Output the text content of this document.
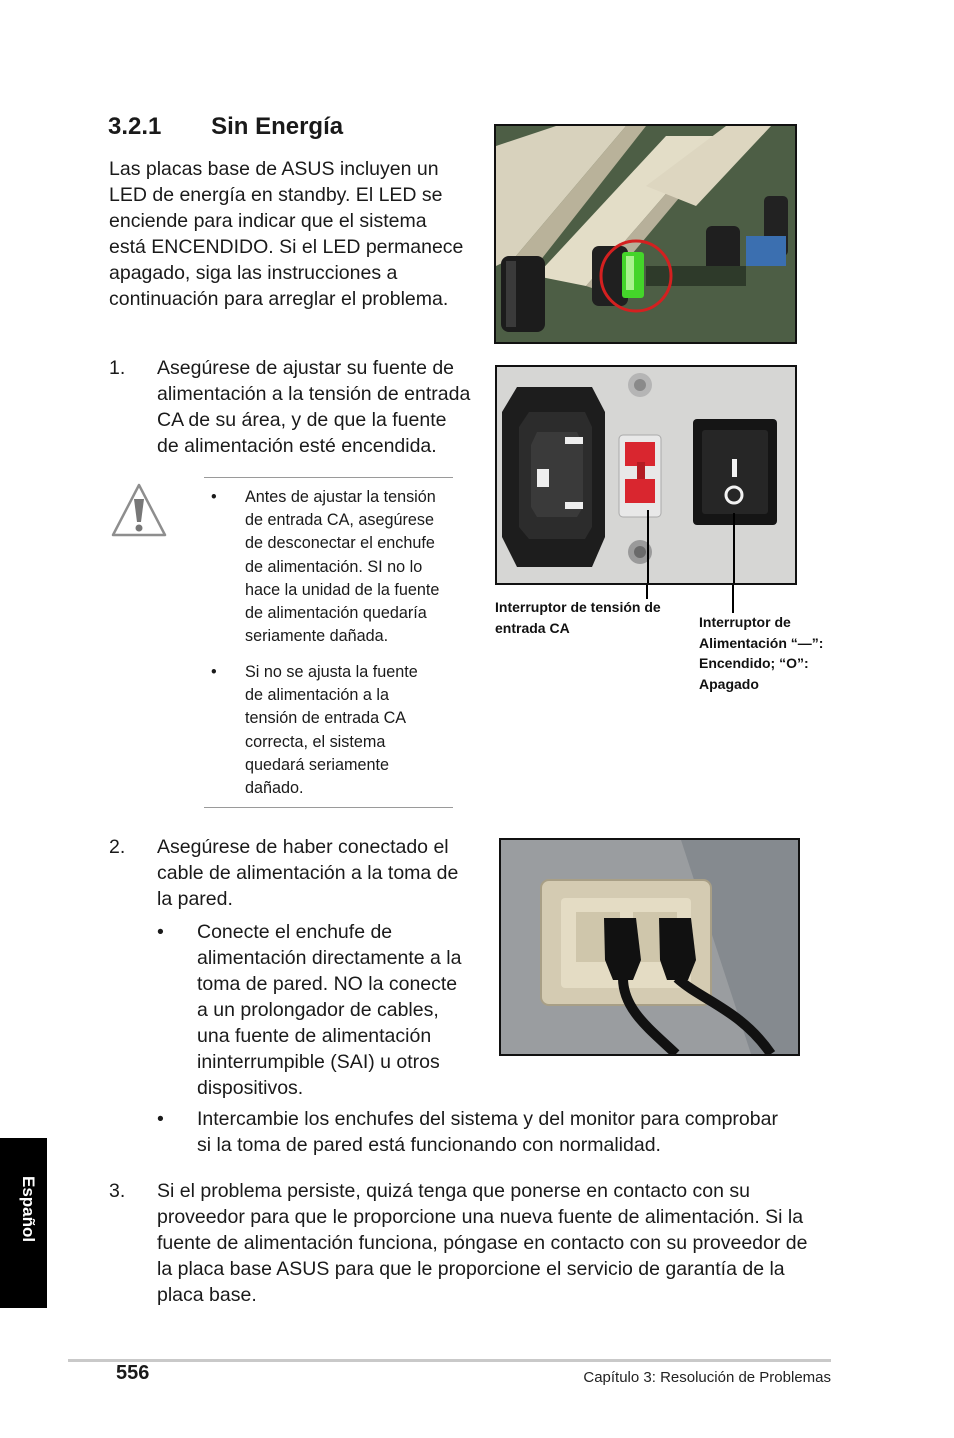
3.2.1 Sin Energía
Las placas base de ASUS incluyen un
LED de energía en standby. El LED se
enciende para indicar que el sistema
está ENCENDIDO. Si el LED permanece
apagado, siga las instrucciones a
continuación para arreglar el problema.
1. Asegúrese de ajustar su fuente de
alimentación a la tensión de entrada
CA de su área, y de que la fuente
de alimentación esté encendida.
• Antes de ajustar la tensión
de entrada CA, asegúrese
de desconectar el enchufe
de alimentación. SI no lo
hace la unidad de la fuente
de alimentación quedaría
seriamente dañada.
• Si no se ajusta la fuente
de alimentación a la
tensión de entrada CA
correcta, el sistema
quedará seriamente
dañado.
Interruptor de tensión de
entrada CA	Interruptor de
Alimentación “—”:
Encendido; “O”:
Apagado
2. Asegúrese de haber conectado el
cable de alimentación a la toma de
la pared.
• Conecte el enchufe de
alimentación directamente a la
toma de pared. NO la conecte
a un prolongador de cables,
una fuente de alimentación
ininterrumpible (SAI) u otros
dispositivos.
• Intercambie los enchufes del sistema y del monitor para comprobar
si la toma de pared está funcionando con normalidad.
3. Si el problema persiste, quizá tenga que ponerse en contacto con su
proveedor para que le proporcione una nueva fuente de alimentación. Si la
fuente de alimentación funciona, póngase en contacto con su proveedor de
la placa base ASUS para que le proporcione el servicio de garantía de la
placa base.
Español
556	Capítulo 3: Resolución de Problemas
